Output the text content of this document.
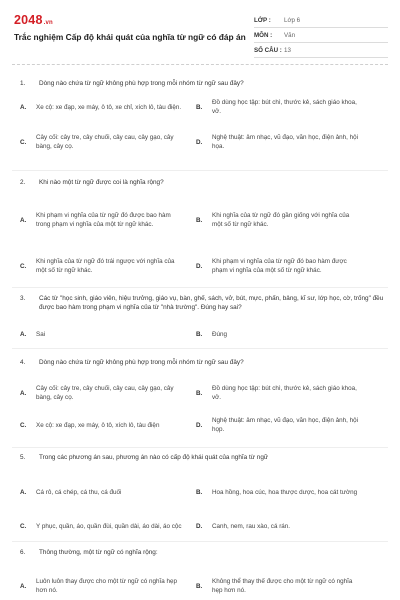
2048.vn
Trắc nghiệm Cấp độ khái quát của nghĩa từ ngữ có đáp án
LỚP :	Lớp 6
MÔN :	Văn
SỐ CÂU : 13
1.	Dòng nào chứa từ ngữ không phù hợp trong mỗi nhóm từ ngữ sau đây?
A.	Xe cộ: xe đạp, xe máy, ô tô, xe chỉ, xích lô, tàu điện.	B.
Đồ dùng học tập: bút chì, thước kẻ, sách giáo khoa, vở.
C.
Cây cối: cây tre, cây chuối, cây cau, cây gạo, cây bàng, cây cọ.
D.
Nghệ thuật: âm nhạc, vũ đạo, văn học, điện ảnh, hội họa.
2.	Khi nào một từ ngữ được coi là nghĩa rộng?
A.
Khi phạm vi nghĩa của từ ngữ đó được bao hàm trong phạm vi nghĩa của một từ ngữ khác.
B.
Khi nghĩa của từ ngữ đó gần giống với nghĩa của một số từ ngữ khác.
C.
Khi nghĩa của từ ngữ đó trái ngược với nghĩa của một số từ ngữ khác.
D.
Khi phạm vi nghĩa của từ ngữ đó bao hàm được phạm vi nghĩa của một số từ ngữ khác.
3.	Các từ "học sinh, giáo viên, hiệu trưởng, giáo vụ, bàn, ghế, sách, vở, bút, mực, phấn, bảng, kĩ sư, lớp học, cờ, trống" đều được bao hàm trong phạm vi nghĩa của từ "nhà trường". Đúng hay sai?
A.	Sai	B.	Đúng
4.	Dòng nào chứa từ ngữ không phù hợp trong mỗi nhóm từ ngữ sau đây?
A.
Cây cối: cây tre, cây chuối, cây cau, cây gạo, cây bàng, cây cọ.
B.
Đồ dùng học tập: bút chì, thước kẻ, sách giáo khoa, vở.
C.	Xe cộ: xe đạp, xe máy, ô tô, xích lô, tàu điện	D.
Nghệ thuật: âm nhạc, vũ đạo, văn học, điện ảnh, hội họp.
5.	Trong các phương án sau, phương án nào có cấp độ khái quát của nghĩa từ ngữ
A.	Cá rô, cá chép, cá thu, cá đuối	B.	Hoa hồng, hoa cúc, hoa thược dược, hoa cát tường
C.	Y phục, quần, áo, quần đùi, quần dài, áo dài, áo cộc	D.	Canh, nem, rau xào, cá rán.
6.	Thông thường, một từ ngữ có nghĩa rộng:
A.
Luôn luôn thay được cho một từ ngữ có nghĩa hẹp hơn nó.
B.
Không thể thay thế được cho một từ ngữ có nghĩa hẹp hơn nó.
